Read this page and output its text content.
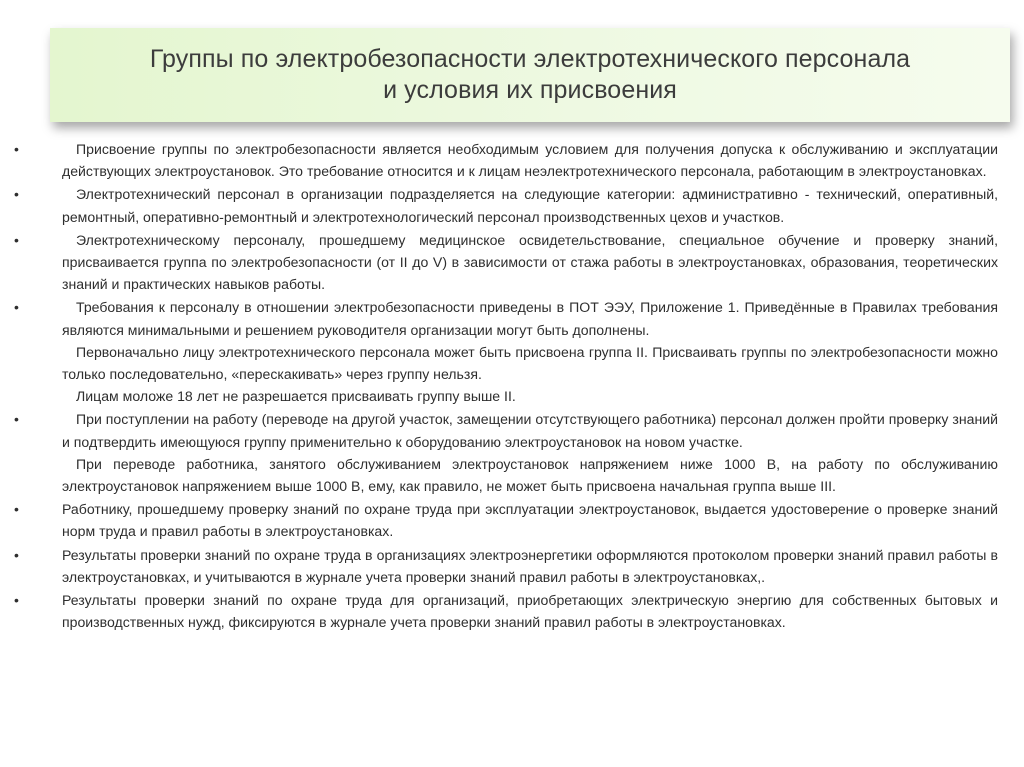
Группы по электробезопасности электротехнического персонала
и условия их присвоения
•	Присвоение группы по электробезопасности является необходимым условием для получения допуска к обслуживанию и эксплуатации действующих электроустановок. Это требование относится и к лицам неэлектротехнического персонала, работающим в электроустановках.
•	Электротехнический персонал в организации подразделяется на следующие категории: административно - технический, оперативный, ремонтный, оперативно-ремонтный и электротехнологический персонал производственных цехов и участков.
•	Электротехническому персоналу, прошедшему медицинское освидетельствование, специальное обучение и проверку знаний, присваивается группа по электробезопасности (от II до V) в зависимости от стажа работы в электроустановках, образования, теоретических знаний и практических навыков работы.
•	Требования к персоналу в отношении электробезопасности приведены в ПОТ ЭЭУ, Приложение 1. Приведённые в Правилах требования являются минимальными и решением руководителя организации могут быть дополнены.
Первоначально лицу электротехнического персонала может быть присвоена группа II. Присваивать группы по электробезопасности можно только последовательно, «перескакивать» через группу нельзя.
Лицам моложе 18 лет не разрешается присваивать группу выше II.
•	При поступлении на работу (переводе на другой участок, замещении отсутствующего работника) персонал должен пройти проверку знаний и подтвердить имеющуюся группу применительно к оборудованию электроустановок на новом участке.
При переводе работника, занятого обслуживанием электроустановок напряжением ниже 1000 В, на работу по обслуживанию электроустановок напряжением выше 1000 В, ему, как правило, не может быть присвоена начальная группа выше III.
•	Работнику, прошедшему проверку знаний по охране труда при эксплуатации электроустановок, выдается удостоверение о проверке знаний норм труда и правил работы в электроустановках.
•	Результаты проверки знаний по охране труда в организациях электроэнергетики оформляются протоколом проверки знаний правил работы в электроустановках, и учитываются в журнале учета проверки знаний правил работы в электроустановках,.
•	Результаты проверки знаний по охране труда для организаций, приобретающих электрическую энергию для собственных бытовых и производственных нужд, фиксируются в журнале учета проверки знаний правил работы в электроустановках.
